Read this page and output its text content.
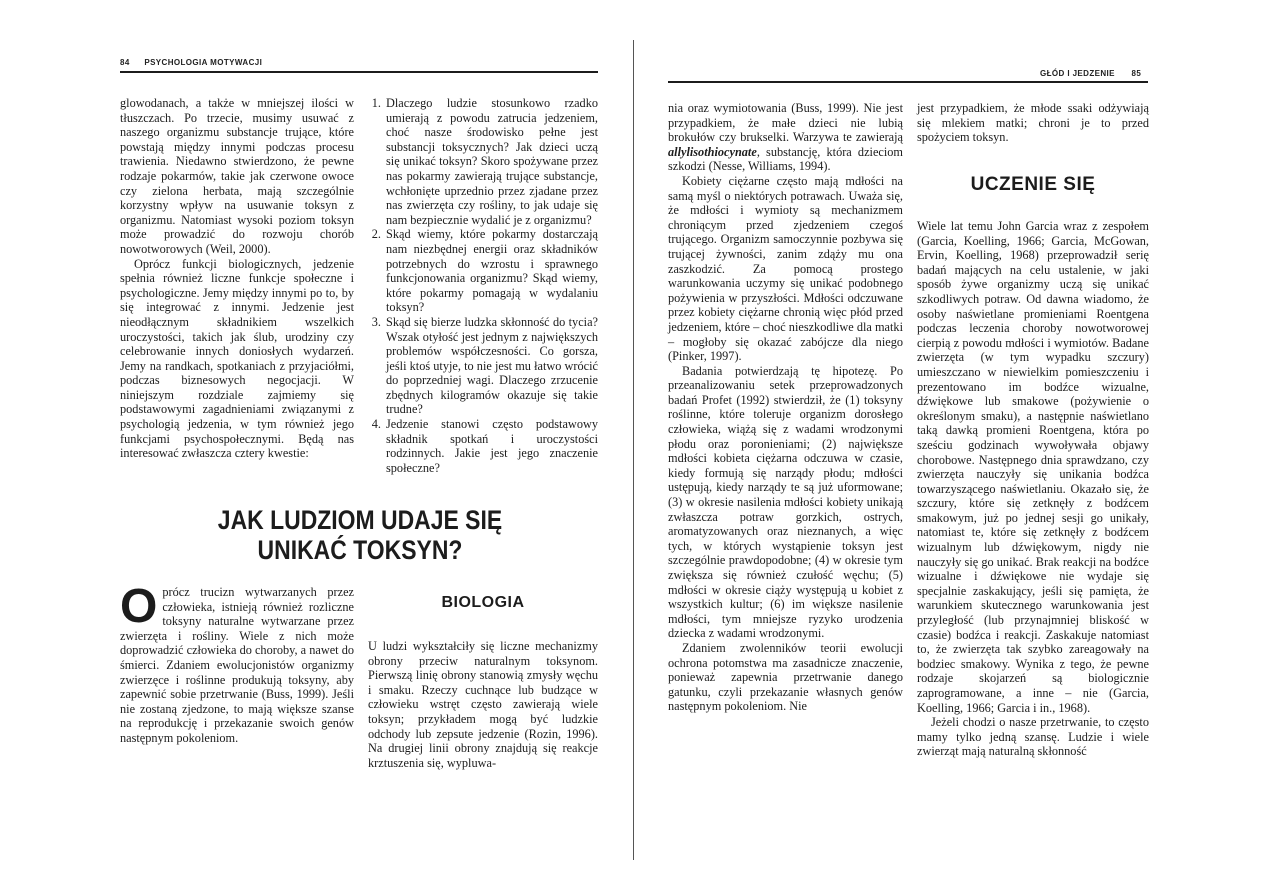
84 PSYCHOLOGIA MOTYWACJI

glowodanach, a także w mniejszej ilości w tłuszczach. Po trzecie, musimy usuwać z naszego organizmu substancje trujące, które powstają między innymi podczas procesu trawienia. Niedawno stwierdzono, że pewne rodzaje pokarmów, takie jak czerwone owoce czy zielona herbata, mają szczególnie korzystny wpływ na usuwanie toksyn z organizmu. Natomiast wysoki poziom toksyn może prowadzić do rozwoju chorób nowotworowych (Weil, 2000).

Oprócz funkcji biologicznych, jedzenie spełnia również liczne funkcje społeczne i psychologiczne. Jemy między innymi po to, by się integrować z innymi. Jedzenie jest nieodłącznym składnikiem wszelkich uroczystości, takich jak ślub, urodziny czy celebrowanie innych doniosłych wydarzeń. Jemy na randkach, spotkaniach z przyjaciółmi, podczas biznesowych negocjacji. W niniejszym rozdziale zajmiemy się podstawowymi zagadnieniami związanymi z psychologią jedzenia, w tym również jego funkcjami psychospołecznymi. Będą nas interesować zwłaszcza cztery kwestie:

1. Dlaczego ludzie stosunkowo rzadko umierają z powodu zatrucia jedzeniem, choć nasze środowisko pełne jest substancji toksycznych? Jak dzieci uczą się unikać toksyn? Skoro spożywane przez nas pokarmy zawierają trujące substancje, wchłonięte uprzednio przez zjadane przez nas zwierzęta czy rośliny, to jak udaje się nam bezpiecznie wydalić je z organizmu?
2. Skąd wiemy, które pokarmy dostarczają nam niezbędnej energii oraz składników potrzebnych do wzrostu i sprawnego funkcjonowania organizmu? Skąd wiemy, które pokarmy pomagają w wydalaniu toksyn?
3. Skąd się bierze ludzka skłonność do tycia? Wszak otyłość jest jednym z największych problemów współczesności. Co gorsza, jeśli ktoś utyje, to nie jest mu łatwo wrócić do poprzedniej wagi. Dlaczego zrzucenie zbędnych kilogramów okazuje się takie trudne?
4. Jedzenie stanowi często podstawowy składnik spotkań i uroczystości rodzinnych. Jakie jest jego znaczenie społeczne?
JAK LUDZIOM UDAJE SIĘ
UNIKAĆ TOKSYN?
O prócz trucizn wytwarzanych przez człowieka, istnieją również rozliczne toksyny naturalne wytwarzane przez zwierzęta i rośliny. Wiele z nich może doprowadzić człowieka do choroby, a nawet do śmierci. Zdaniem ewolucjonistów organizmy zwierzęce i roślinne produkują toksyny, aby zapewnić sobie przetrwanie (Buss, 1999). Jeśli nie zostaną zjedzone, to mają większe szanse na reprodukcję i przekazanie swoich genów następnym pokoleniom.
BIOLOGIA

U ludzi wykształciły się liczne mechanizmy obrony przeciw naturalnym toksynom. Pierwszą linię obrony stanowią zmysły węchu i smaku. Rzeczy cuchnące lub budzące w człowieku wstręt często zawierają wiele toksyn; przykładem mogą być ludzkie odchody lub zepsute jedzenie (Rozin, 1996). Na drugiej linii obrony znajdują się reakcje krztuszenia się, wypluwa-

GŁÓD I JEDZENIE 85

nia oraz wymiotowania (Buss, 1999). Nie jest przypadkiem, że małe dzieci nie lubią brokułów czy brukselki. Warzywa te zawierają allylisothiocynate, substancję, która dzieciom szkodzi (Nesse, Williams, 1994).

Kobiety ciężarne często mają mdłości na samą myśl o niektórych potrawach. Uważa się, że mdłości i wymioty są mechanizmem chroniącym przed zjedzeniem czegoś trującego. Organizm samoczynnie pozbywa się trującej żywności, zanim zdąży mu ona zaszkodzić. Za pomocą prostego warunkowania uczymy się unikać podobnego pożywienia w przyszłości. Mdłości odczuwane przez kobiety ciężarne chronią więc płód przed jedzeniem, które – choć nieszkodliwe dla matki – mogłoby się okazać zabójcze dla niego (Pinker, 1997).

Badania potwierdzają tę hipotezę. Po przeanalizowaniu setek przeprowadzonych badań Profet (1992) stwierdził, że (1) toksyny roślinne, które toleruje organizm dorosłego człowieka, wiążą się z wadami wrodzonymi płodu oraz poronieniami; (2) największe mdłości kobieta ciężarna odczuwa w czasie, kiedy formują się narządy płodu; mdłości ustępują, kiedy narządy te są już uformowane; (3) w okresie nasilenia mdłości kobiety unikają zwłaszcza potraw gorzkich, ostrych, aromatyzowanych oraz nieznanych, a więc tych, w których wystąpienie toksyn jest szczególnie prawdopodobne; (4) w okresie tym zwiększa się również czułość węchu; (5) mdłości w okresie ciąży występują u kobiet z wszystkich kultur; (6) im większe nasilenie mdłości, tym mniejsze ryzyko urodzenia dziecka z wadami wrodzonymi.

Zdaniem zwolenników teorii ewolucji ochrona potomstwa ma zasadnicze znaczenie, ponieważ zapewnia przetrwanie danego gatunku, czyli przekazanie własnych genów następnym pokoleniom. Nie

jest przypadkiem, że młode ssaki odżywiają się mlekiem matki; chroni je to przed spożyciem toksyn.

UCZENIE SIĘ

Wiele lat temu John Garcia wraz z zespołem (Garcia, Koelling, 1966; Garcia, McGowan, Ervin, Koelling, 1968) przeprowadził serię badań mających na celu ustalenie, w jaki sposób żywe organizmy uczą się unikać szkodliwych potraw. Od dawna wiadomo, że osoby naświetlane promieniami Roentgena podczas leczenia choroby nowotworowej cierpią z powodu mdłości i wymiotów. Badane zwierzęta (w tym wypadku szczury) umieszczano w niewielkim pomieszczeniu i prezentowano im bodźce wizualne, dźwiękowe lub smakowe (pożywienie o określonym smaku), a następnie naświetlano taką dawką promieni Roentgena, która po sześciu godzinach wywoływała objawy chorobowe. Następnego dnia sprawdzano, czy zwierzęta nauczyły się unikania bodźca towarzyszącego naświetlaniu. Okazało się, że szczury, które się zetknęły z bodźcem smakowym, już po jednej sesji go unikały, natomiast te, które się zetknęły z bodźcem wizualnym lub dźwiękowym, nigdy nie nauczyły się go unikać. Brak reakcji na bodźce wizualne i dźwiękowe nie wydaje się specjalnie zaskakujący, jeśli się pamięta, że warunkiem skutecznego warunkowania jest przyległość (lub przynajmniej bliskość w czasie) bodźca i reakcji. Zaskakuje natomiast to, że zwierzęta tak szybko zareagowały na bodziec smakowy. Wynika z tego, że pewne rodzaje skojarzeń są biologicznie zaprogramowane, a inne – nie (Garcia, Koelling, 1966; Garcia i in., 1968).

Jeżeli chodzi o nasze przetrwanie, to często mamy tylko jedną szansę. Ludzie i wiele zwierząt mają naturalną skłonność
